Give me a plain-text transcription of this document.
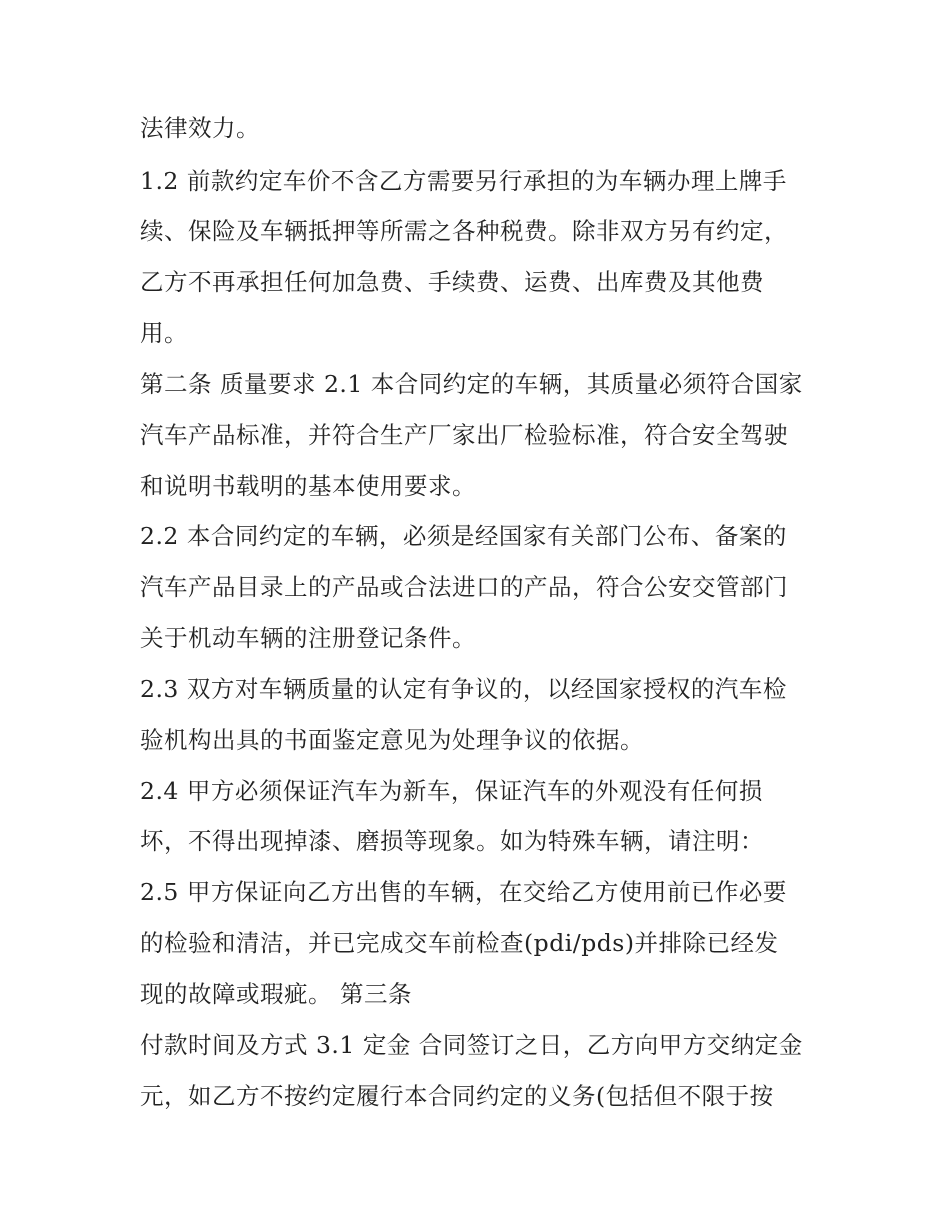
法律效力。
1.2 前款约定车价不含乙方需要另行承担的为车辆办理上牌手
续、保险及车辆抵押等所需之各种税费。除非双方另有约定，
乙方不再承担任何加急费、手续费、运费、出库费及其他费
用。
第二条 质量要求 2.1 本合同约定的车辆，其质量必须符合国家
汽车产品标准，并符合生产厂家出厂检验标准，符合安全驾驶
和说明书载明的基本使用要求。
2.2 本合同约定的车辆，必须是经国家有关部门公布、备案的
汽车产品目录上的产品或合法进口的产品，符合公安交管部门
关于机动车辆的注册登记条件。
2.3 双方对车辆质量的认定有争议的，以经国家授权的汽车检
验机构出具的书面鉴定意见为处理争议的依据。
2.4 甲方必须保证汽车为新车，保证汽车的外观没有任何损
坏，不得出现掉漆、磨损等现象。如为特殊车辆，请注明：
2.5 甲方保证向乙方出售的车辆，在交给乙方使用前已作必要
的检验和清洁，并已完成交车前检查(pdi/pds)并排除已经发
现的故障或瑕疵。 第三条
付款时间及方式 3.1 定金 合同签订之日，乙方向甲方交纳定金
元，如乙方不按约定履行本合同约定的义务(包括但不限于按
